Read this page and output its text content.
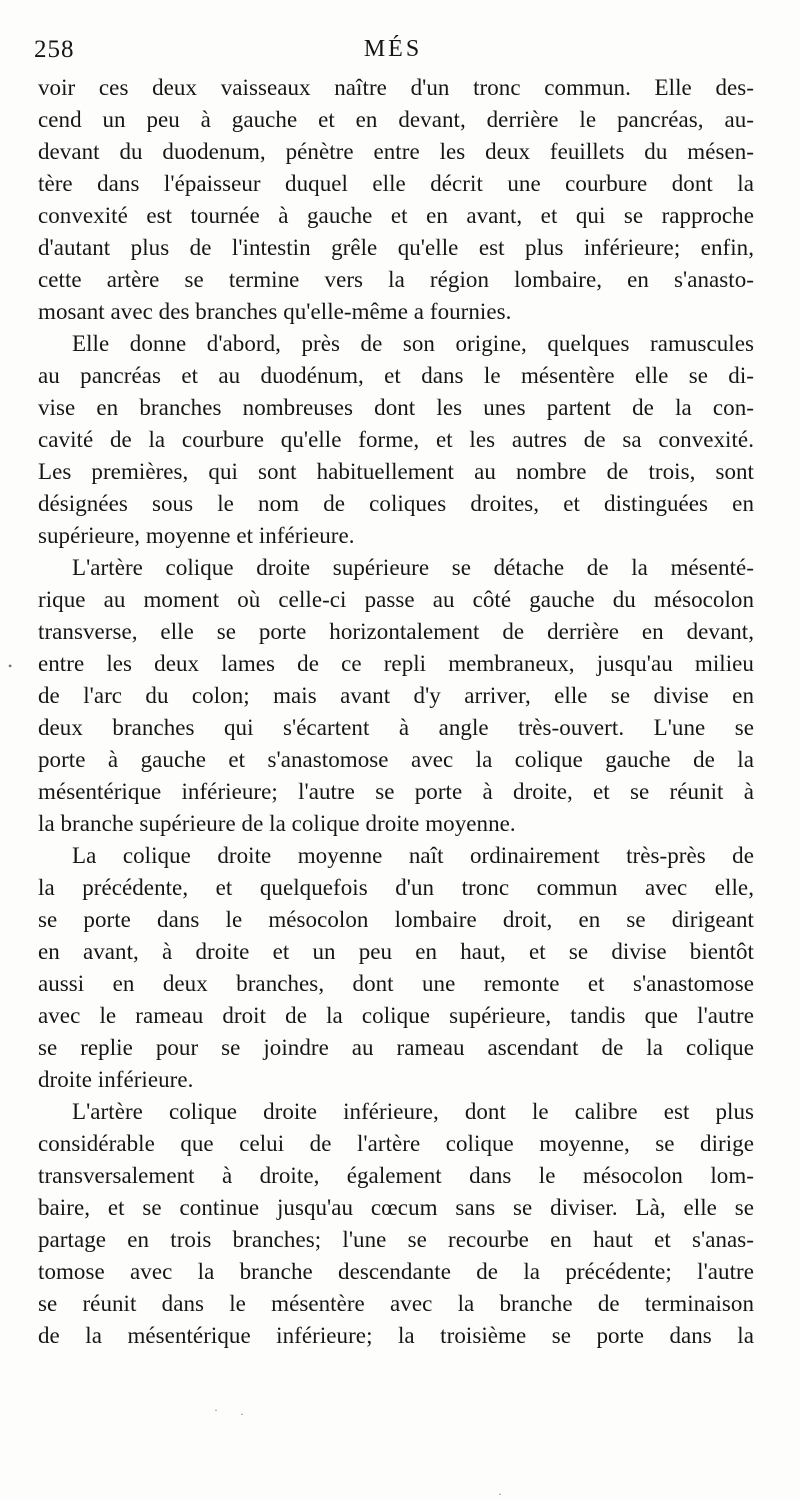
258	MÉS
voir ces deux vaisseaux naître d'un tronc commun. Elle des-
cend un peu à gauche et en devant, derrière le pancréas, au-
devant du duodenum, pénètre entre les deux feuillets du mésen-
tère dans l'épaisseur duquel elle décrit une courbure dont la
convexité est tournée à gauche et en avant, et qui se rapproche
d'autant plus de l'intestin grêle qu'elle est plus inférieure; enfin,
cette artère se termine vers la région lombaire, en s'anasto-
mosant avec des branches qu'elle-même a fournies.
Elle donne d'abord, près de son origine, quelques ramuscules
au pancréas et au duodénum, et dans le mésentère elle se di-
vise en branches nombreuses dont les unes partent de la con-
cavité de la courbure qu'elle forme, et les autres de sa convexité.
Les premières, qui sont habituellement au nombre de trois, sont
désignées sous le nom de coliques droites, et distinguées en
supérieure, moyenne et inférieure.
L'artère colique droite supérieure se détache de la mésenté-
rique au moment où celle-ci passe au côté gauche du mésocolon
transverse, elle se porte horizontalement de derrière en devant,
entre les deux lames de ce repli membraneux, jusqu'au milieu
de l'arc du colon; mais avant d'y arriver, elle se divise en
deux branches qui s'écartent à angle très-ouvert. L'une se
porte à gauche et s'anastomose avec la colique gauche de la
mésentérique inférieure; l'autre se porte à droite, et se réunit à
la branche supérieure de la colique droite moyenne.
La colique droite moyenne naît ordinairement très-près de
la précédente, et quelquefois d'un tronc commun avec elle,
se porte dans le mésocolon lombaire droit, en se dirigeant
en avant, à droite et un peu en haut, et se divise bientôt
aussi en deux branches, dont une remonte et s'anastomose
avec le rameau droit de la colique supérieure, tandis que l'autre
se replie pour se joindre au rameau ascendant de la colique
droite inférieure.
L'artère colique droite inférieure, dont le calibre est plus
considérable que celui de l'artère colique moyenne, se dirige
transversalement à droite, également dans le mésocolon lom-
baire, et se continue jusqu'au cœcum sans se diviser. Là, elle se
partage en trois branches; l'une se recourbe en haut et s'anas-
tomose avec la branche descendante de la précédente; l'autre
se réunit dans le mésentère avec la branche de terminaison
de la mésentérique inférieure; la troisième se porte dans la
•
· ·
·
